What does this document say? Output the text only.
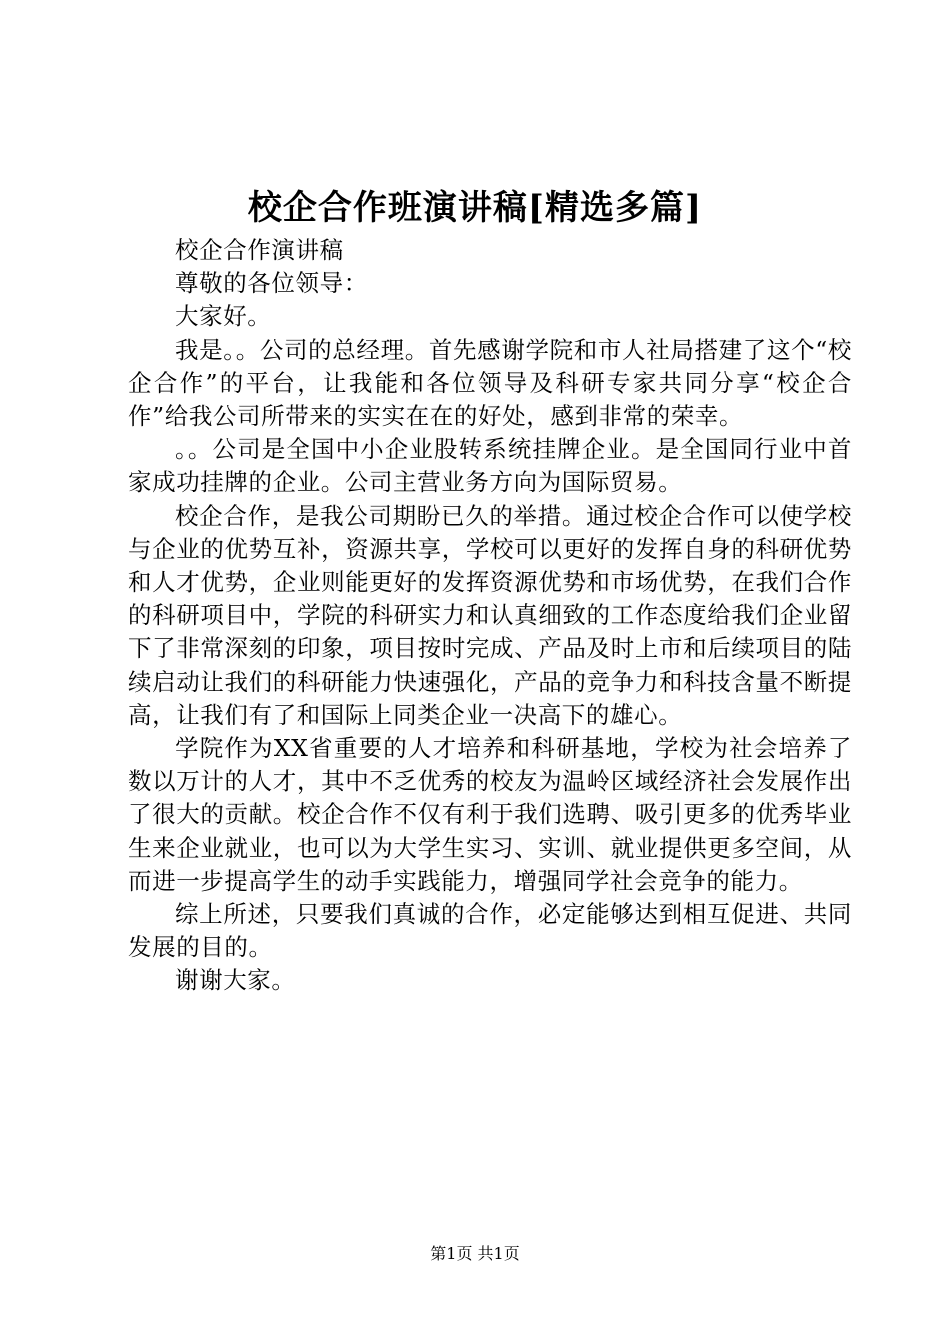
校企合作班演讲稿[精选多篇]

校企合作演讲稿

尊敬的各位领导：

大家好。

我是。。公司的总经理。首先感谢学院和市人社局搭建了这个“校企合作”的平台，让我能和各位领导及科研专家共同分享“校企合作”给我公司所带来的实实在在的好处，感到非常的荣幸。

。。公司是全国中小企业股转系统挂牌企业。是全国同行业中首家成功挂牌的企业。公司主营业务方向为国际贸易。

校企合作，是我公司期盼已久的举措。通过校企合作可以使学校与企业的优势互补，资源共享，学校可以更好的发挥自身的科研优势和人才优势，企业则能更好的发挥资源优势和市场优势，在我们合作的科研项目中，学院的科研实力和认真细致的工作态度给我们企业留下了非常深刻的印象，项目按时完成、产品及时上市和后续项目的陆续启动让我们的科研能力快速强化，产品的竞争力和科技含量不断提高，让我们有了和国际上同类企业一决高下的雄心。

学院作为XX省重要的人才培养和科研基地，学校为社会培养了数以万计的人才，其中不乏优秀的校友为温岭区域经济社会发展作出了很大的贡献。校企合作不仅有利于我们选聘、吸引更多的优秀毕业生来企业就业，也可以为大学生实习、实训、就业提供更多空间，从而进一步提高学生的动手实践能力，增强同学社会竞争的能力。

综上所述，只要我们真诚的合作，必定能够达到相互促进、共同发展的目的。

谢谢大家。

第1页 共1页
